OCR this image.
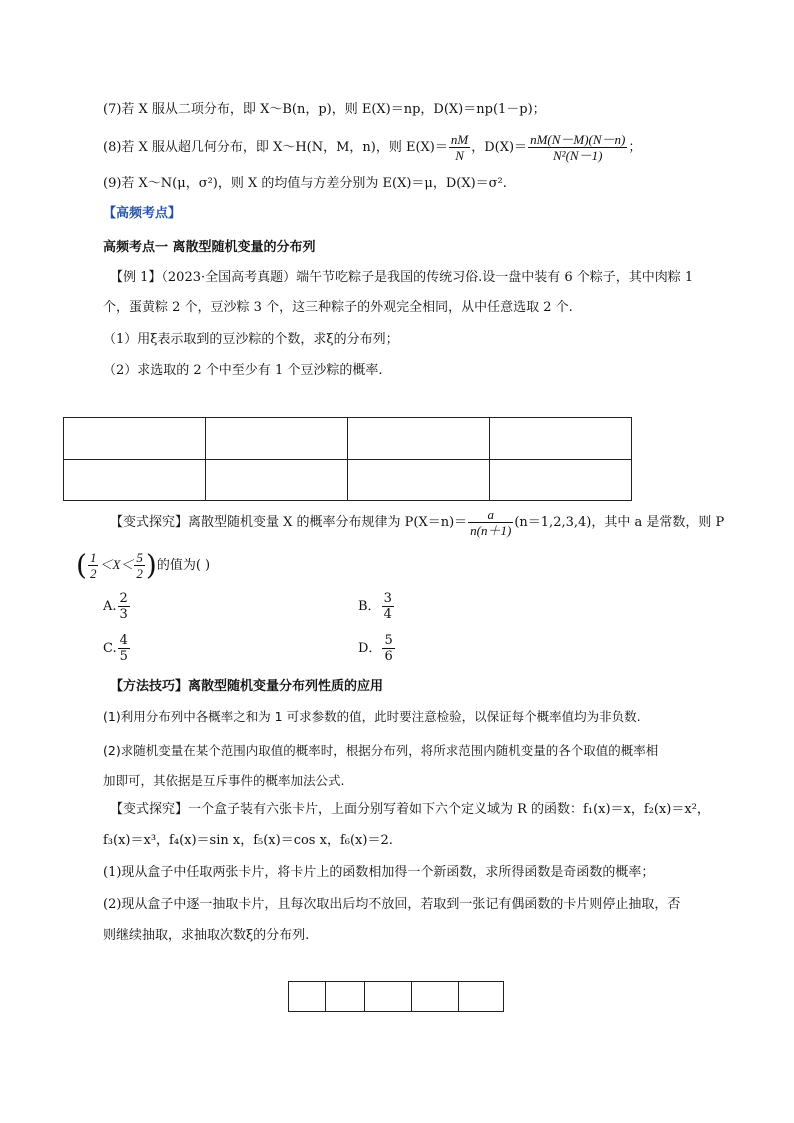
(7)若 X 服从二项分布，即 X～B(n，p)，则 E(X)＝np，D(X)＝np(1－p)；
(8)若 X 服从超几何分布，即 X～H(N，M，n)，则 $E(X)= \frac{nM}{N}$ ，$D(X)= \frac{nM(N-M)(N-n)}{\text{N²(N－1)}}$ ；
(9)若 X～N(μ，σ²)，则 X 的均值与方差分别为 E(X)＝μ，D(X)＝σ².
【高频考点】
高频考点一 离散型随机变量的分布列
【例 1】（2023·全国高考真题）端午节吃粽子是我国的传统习俗.设一盘中装有 6 个粽子，其中肉粽 1
个，蛋黄粽 2 个，豆沙粽 3 个，这三种粽子的外观完全相同，从中任意选取 2 个.
（1）用ξ表示取到的豆沙粽的个数，求ξ的分布列；
（2）求选取的 2 个中至少有 1 个豆沙粽的概率.

【变式探究】离散型随机变量 X 的概率分布规律为 $P(X=n)= \frac{a}{n(n+1)} (n=1,2,3,4)$，其中 a 是常数，则 P
( $\frac{1}{2} <X< \frac{5}{2}$ )的值为( )
A. $\frac{2}{3}$	B． $\frac{3}{4}$
C. $\frac{4}{5}$	D． $\frac{5}{6}$
【方法技巧】离散型随机变量分布列性质的应用
(1)利用分布列中各概率之和为 1 可求参数的值，此时要注意检验，以保证每个概率值均为非负数.
(2)求随机变量在某个范围内取值的概率时，根据分布列，将所求范围内随机变量的各个取值的概率相
加即可，其依据是互斥事件的概率加法公式.
【变式探究】一个盒子装有六张卡片，上面分别写着如下六个定义域为 R 的函数：f₁(x)＝x，f₂(x)＝x²，
f₃(x)＝x³，f₄(x)＝sin x，f₅(x)＝cos x，f₆(x)＝2.
(1)现从盒子中任取两张卡片，将卡片上的函数相加得一个新函数，求所得函数是奇函数的概率；
(2)现从盒子中逐一抽取卡片，且每次取出后均不放回，若取到一张记有偶函数的卡片则停止抽取，否
则继续抽取，求抽取次数ξ的分布列.
